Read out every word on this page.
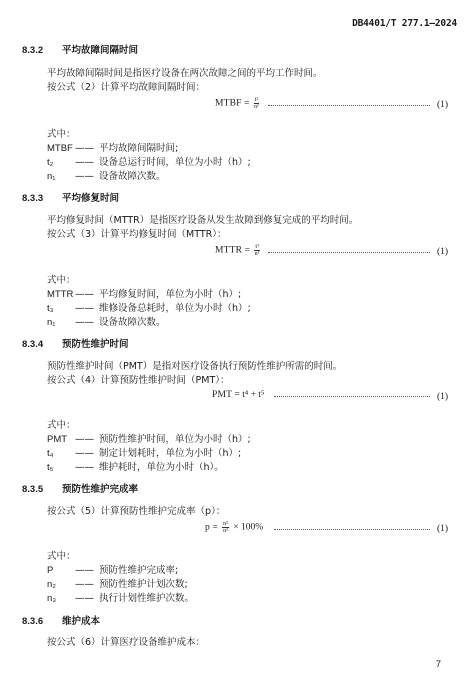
DB4401/T 277.1—2024
8.3.2 平均故障间隔时间
平均故障间隔时间是指医疗设备在两次故障之间的平均工作时间。
按公式（2）计算平均故障间隔时间：
MTBF = $\frac{\text{t²}}{\text{n¹}}$	(1)
式中：
MTBF —— 平均故障间隔时间;
t₂ —— 设备总运行时间，单位为小时（h）;
n₁ —— 设备故障次数。
8.3.3 平均修复时间
平均修复时间（MTTR）是指医疗设备从发生故障到修复完成的平均时间。
按公式（3）计算平均修复时间（MTTR）：
MTTR = $\frac{\text{t³}}{\text{n¹}}$	(1)
式中：
MTTR —— 平均修复时间，单位为小时（h）;
t₃ —— 维修设备总耗时，单位为小时（h）;
n₁ —— 设备故障次数。
8.3.4 预防性维护时间
预防性维护时间（PMT）是指对医疗设备执行预防性维护所需的时间。
按公式（4）计算预防性维护时间（PMT）：
PMT = t⁴ + t⁵	(1)
式中：
PMT —— 预防性维护时间，单位为小时（h）;
t₄ —— 制定计划耗时，单位为小时（h）;
t₅ —— 维护耗时，单位为小时（h）。
8.3.5 预防性维护完成率
按公式（5）计算预防性维护完成率（p）：
$p = \frac{\text{n²}}{\text{n³}} \times 100\%$	(1)
式中：
P —— 预防性维护完成率;
n₂ —— 预防性维护计划次数;
n₃ —— 执行计划性维护次数。
8.3.6 维护成本
按公式（6）计算医疗设备维护成本：
7
